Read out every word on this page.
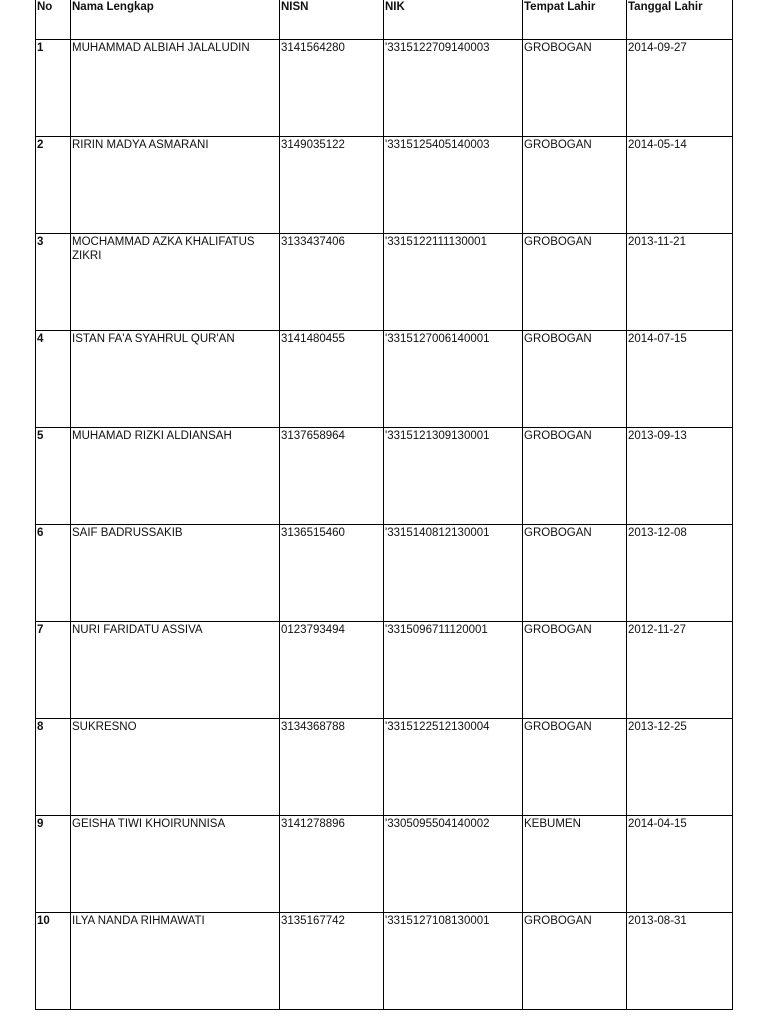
No	Nama Lengkap	NISN	NIK	Tempat Lahir	Tanggal Lahir
1	MUHAMMAD ALBIAH JALALUDIN	3141564280	'3315122709140003	GROBOGAN	2014-09-27
2	RIRIN MADYA ASMARANI	3149035122	'3315125405140003	GROBOGAN	2014-05-14
3	MOCHAMMAD AZKA KHALIFATUS ZIKRI	3133437406	'3315122111130001	GROBOGAN	2013-11-21
4	ISTAN FA'A SYAHRUL QUR'AN	3141480455	'3315127006140001	GROBOGAN	2014-07-15
5	MUHAMAD RIZKI ALDIANSAH	3137658964	'3315121309130001	GROBOGAN	2013-09-13
6	SAIF BADRUSSAKIB	3136515460	'3315140812130001	GROBOGAN	2013-12-08
7	NURI FARIDATU ASSIVA	0123793494	'3315096711120001	GROBOGAN	2012-11-27
8	SUKRESNO	3134368788	'3315122512130004	GROBOGAN	2013-12-25
9	GEISHA TIWI KHOIRUNNISA	3141278896	'3305095504140002	KEBUMEN	2014-04-15
10	ILYA NANDA RIHMAWATI	3135167742	'3315127108130001	GROBOGAN	2013-08-31
